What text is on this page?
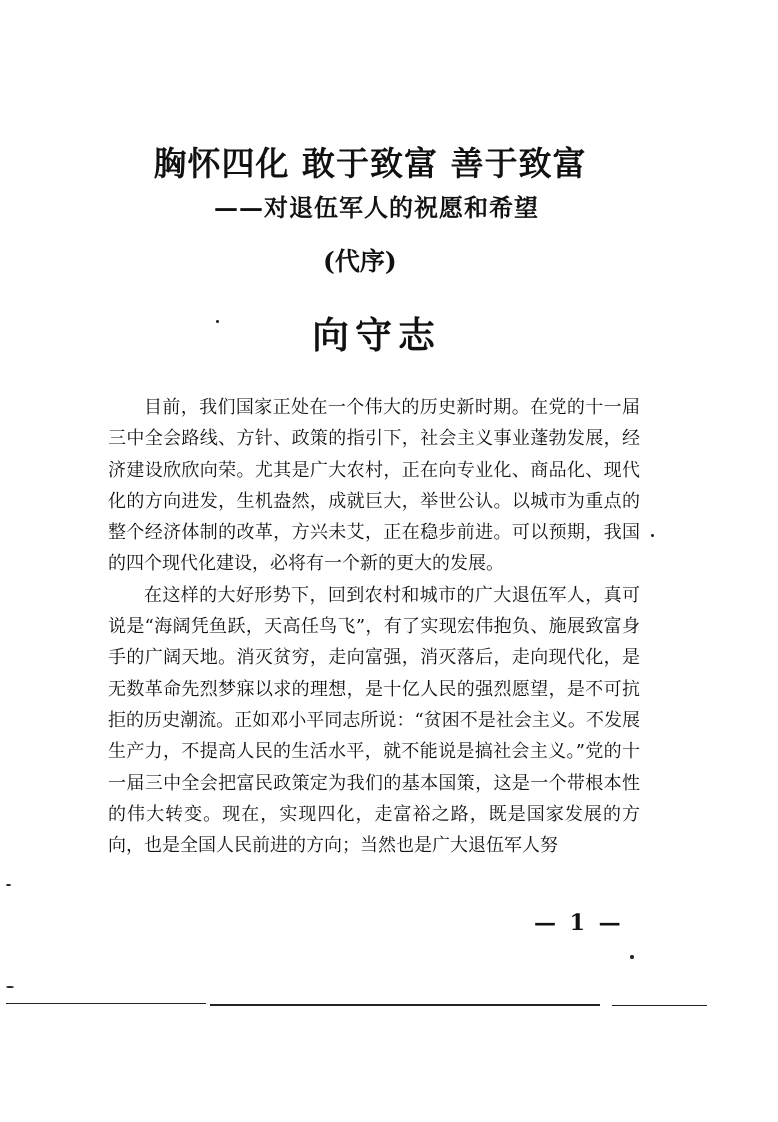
胸怀四化 敢于致富 善于致富
——对退伍军人的祝愿和希望
(代序)
向守志

目前，我们国家正处在一个伟大的历史新时期。在党的十一届三中全会路线、方针、政策的指引下，社会主义事业蓬勃发展，经济建设欣欣向荣。尤其是广大农村，正在向专业化、商品化、现代化的方向进发，生机盎然，成就巨大，举世公认。以城市为重点的整个经济体制的改革，方兴未艾，正在稳步前进。可以预期，我国的四个现代化建设，必将有一个新的更大的发展。

在这样的大好形势下，回到农村和城市的广大退伍军人，真可说是“海阔凭鱼跃，天高任鸟飞”，有了实现宏伟抱负、施展致富身手的广阔天地。消灭贫穷，走向富强，消灭落后，走向现代化，是无数革命先烈梦寐以求的理想，是十亿人民的强烈愿望，是不可抗拒的历史潮流。正如邓小平同志所说：“贫困不是社会主义。不发展生产力，不提高人民的生活水平，就不能说是搞社会主义。”党的十一届三中全会把富民政策定为我们的基本国策，这是一个带根本性的伟大转变。现在，实现四化，走富裕之路，既是国家发展的方向，也是全国人民前进的方向；当然也是广大退伍军人努

— 1 —
